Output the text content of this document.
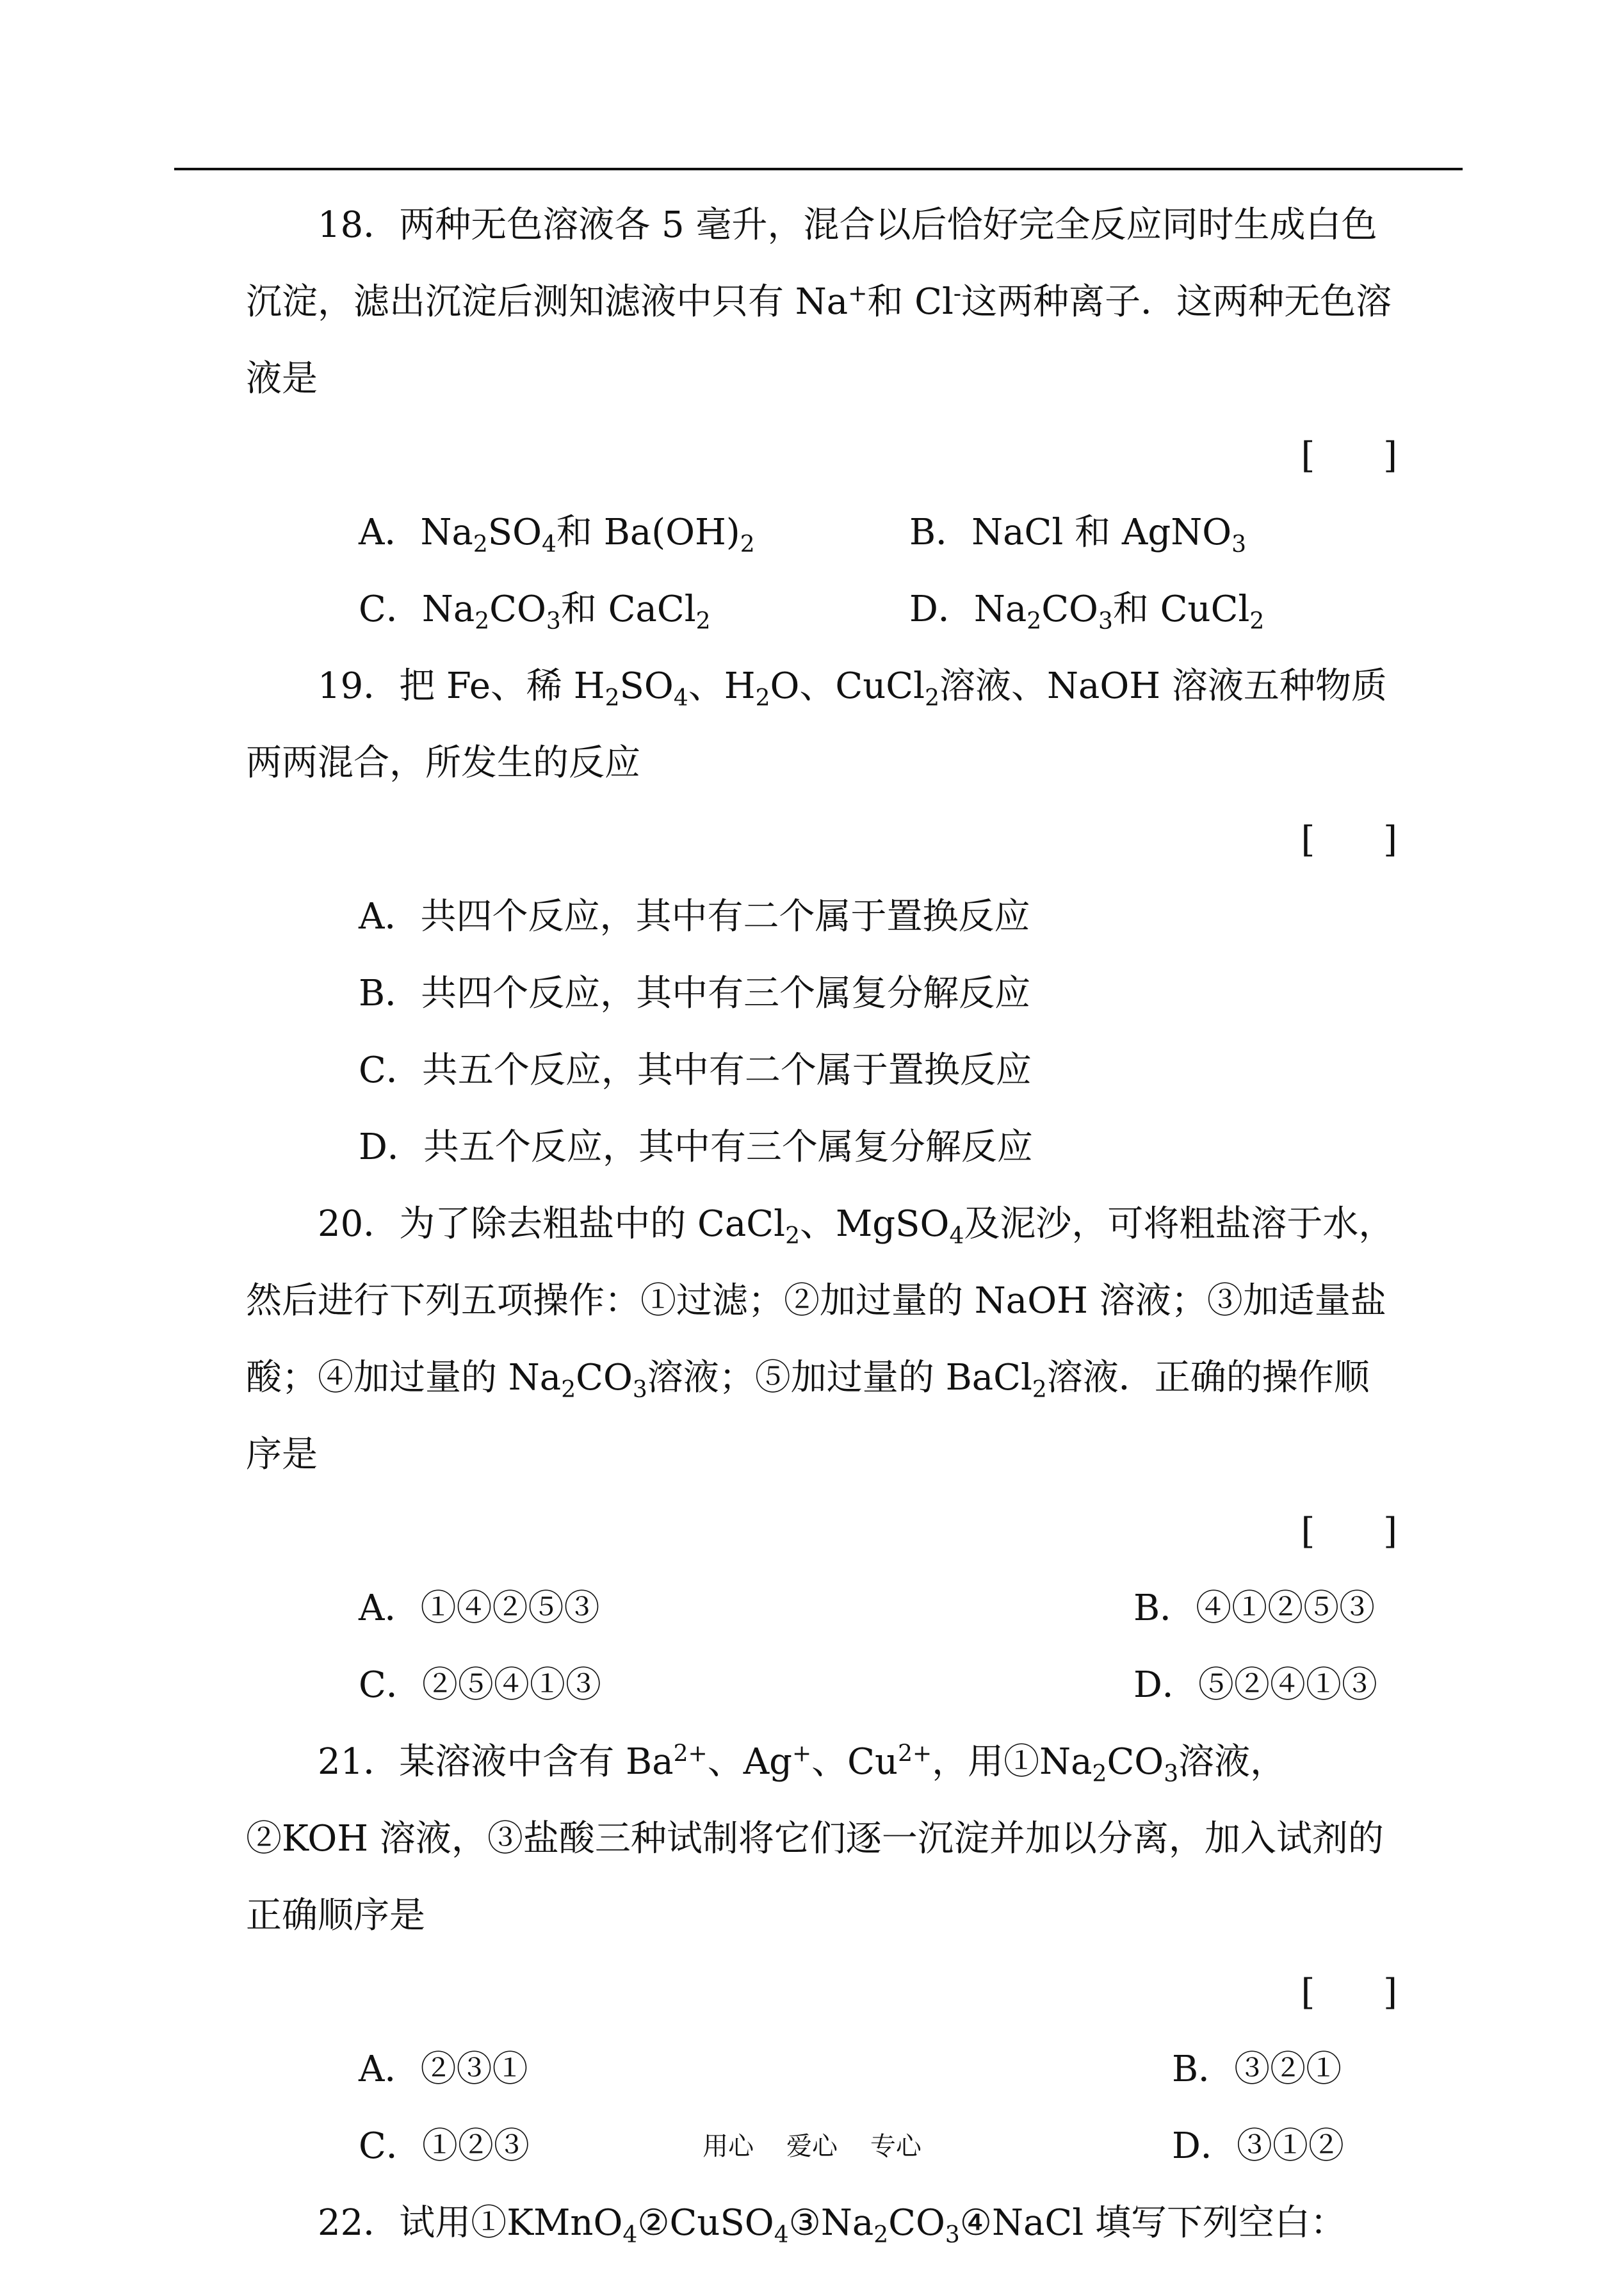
18．两种无色溶液各 5 毫升，混合以后恰好完全反应同时生成白色沉淀，滤出沉淀后测知滤液中只有 Na+和 Cl-这两种离子．这两种无色溶液是

[      ]

A．$Na_2SO_4$和 $Ba(OH)_2$	B．NaCl 和 AgNO$_3$
C．$Na_2CO_3$和 CaCl$_2$	D．$Na_2CO_3$和 CuCl$_2$

19．把 Fe、稀 $H_2SO_4$、$H_2O$、CuCl$_2$溶液、NaOH 溶液五种物质两两混合，所发生的反应

[      ]

A．共四个反应，其中有二个属于置换反应

B．共四个反应，其中有三个属复分解反应

C．共五个反应，其中有二个属于置换反应

D．共五个反应，其中有三个属复分解反应

20．为了除去粗盐中的 CaCl$_2$、MgSO$_4$及泥沙，可将粗盐溶于水，然后进行下列五项操作：①过滤；②加过量的 NaOH 溶液；③加适量盐酸；④加过量的 $Na_2CO_3$溶液；⑤加过量的 BaCl$_2$溶液．正确的操作顺序是

[      ]

A．①④②⑤③	B．④①②⑤③
C．②⑤④①③	D．⑤②④①③

21．某溶液中含有 $Ba^{2+}$、Ag+、$Cu^{2+}$，用$①Na_2CO_3$溶液，②KOH 溶液，③盐酸三种试制将它们逐一沉淀并加以分离，加入试剂的正确顺序是

[      ]

A．②③①	B．③②①
C．①②③	D．③①②

22．试用$①KMnO_4②CuSO_4③Na_2CO_3④NaCl$ 填写下列空白：

用心    爱心    专心
